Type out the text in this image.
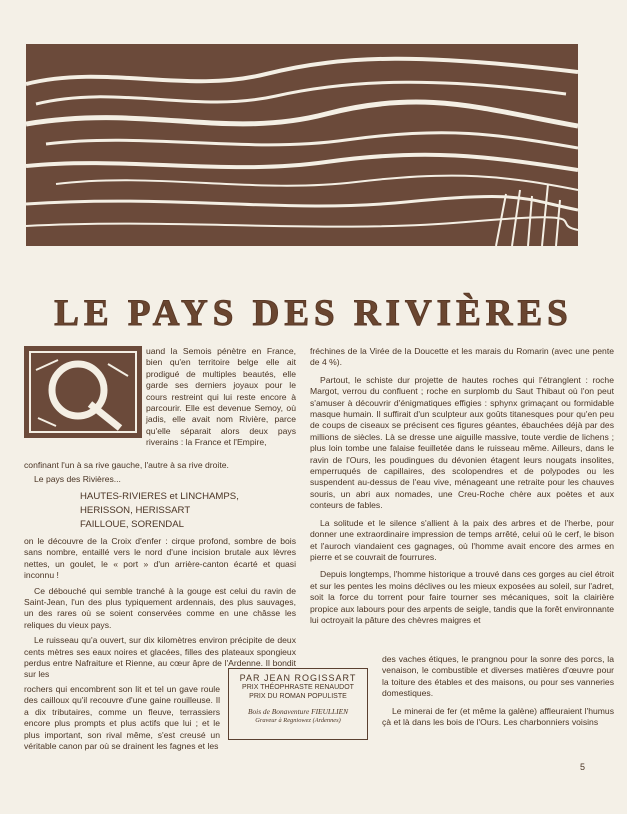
LE PAYS DES RIVIÈRES
uand la Semois pénètre en France, bien qu'en territoire belge elle ait prodigué de multiples beautés, elle garde ses derniers joyaux pour le cours restreint qui lui reste encore à parcourir. Elle est devenue Semoy, où jadis, elle avait nom Rivière, parce qu'elle séparait alors deux pays riverains : la France et l'Empire,
confinant l'un à sa rive gauche, l'autre à sa rive droite.
Le pays des Rivières...
HAUTES-RIVIERES et LINCHAMPS,
HERISSON, HERISSART
FAILLOUE, SORENDAL

on le découvre de la Croix d'enfer : cirque profond, sombre de bois sans nombre, entaillé vers le nord d'une incision brutale aux lèvres nettes, un goulet, le « port » d'un arrière-canton écarté et quasi inconnu !

Ce débouché qui semble tranché à la gouge est celui du ravin de Saint-Jean, l'un des plus typiquement ardennais, des plus sauvages, un des rares où se soient conservées comme en une châsse les reliques du vieux pays.

Le ruisseau qu'a ouvert, sur dix kilomètres environ précipite de deux cents mètres ses eaux noires et glacées, filles des plateaux spongieux perdus entre Nafraiture et Rienne, au cœur âpre de l'Ardenne. Il bondit sur les

rochers qui encombrent son lit et tel un gave roule des cailloux qu'il recouvre d'une gaine rouilleuse. Il a dix tributaires, comme un fleuve, terrassiers encore plus prompts et plus actifs que lui ; et le plus important, son rival même, s'est creusé un véritable canon par où se drainent les fagnes et les
PAR JEAN ROGISSART
PRIX THÉOPHRASTE RENAUDOT
PRIX DU ROMAN POPULISTE
Bois de Bonaventure FIEULLIEN
Graveur à Regniowez (Ardennes)

fréchines de la Virée de la Doucette et les marais du Romarin (avec une pente de 4 %).

Partout, le schiste dur projette de hautes roches qui l'étranglent : roche Margot, verrou du confluent ; roche en surplomb du Saut Thibaut où l'on peut s'amuser à découvrir d'énigmatiques effigies : sphynx grimaçant ou formidable masque humain. Il suffirait d'un sculpteur aux goûts titanesques pour qu'en peu de coups de ciseaux se précisent ces figures géantes, ébauchées déjà par des millions de siècles. Là se dresse une aiguille massive, toute verdie de lichens ; plus loin tombe une falaise feuilletée dans le ruisseau même. Ailleurs, dans le ravin de l'Ours, les poudingues du dévonien étagent leurs nougats insolites, emperruqués de capillaires, des scolopendres et de polypodes ou les suspendent au-dessus de l'eau vive, ménageant une retraite pour les chauves souris, un abri aux nomades, une Creu-Roche chère aux poètes et aux conteurs de fables.

La solitude et le silence s'allient à la paix des arbres et de l'herbe, pour donner une extraordinaire impression de temps arrêté, celui où le cerf, le bison et l'auroch viandaient ces gagnages, où l'homme avait encore des armes en pierre et se couvrait de fourrures.

Depuis longtemps, l'homme historique a trouvé dans ces gorges au ciel étroit et sur les pentes les moins déclives ou les mieux exposées au soleil, sur l'adret, soit la force du torrent pour faire tourner ses mécaniques, soit la clairière propice aux labours pour des arpents de seigle, tandis que la forêt environnante lui octroyait la pâture des chèvres maigres et

des vaches étiques, le prangnou pour la sonre des porcs, la venaison, le combustible et diverses matières d'œuvre pour la toiture des étables et des maisons, ou pour ses vanneries domestiques.

Le minerai de fer (et même la galène) affleuraient l'humus çà et là dans les bois de l'Ours. Les charbonniers voisins

5
